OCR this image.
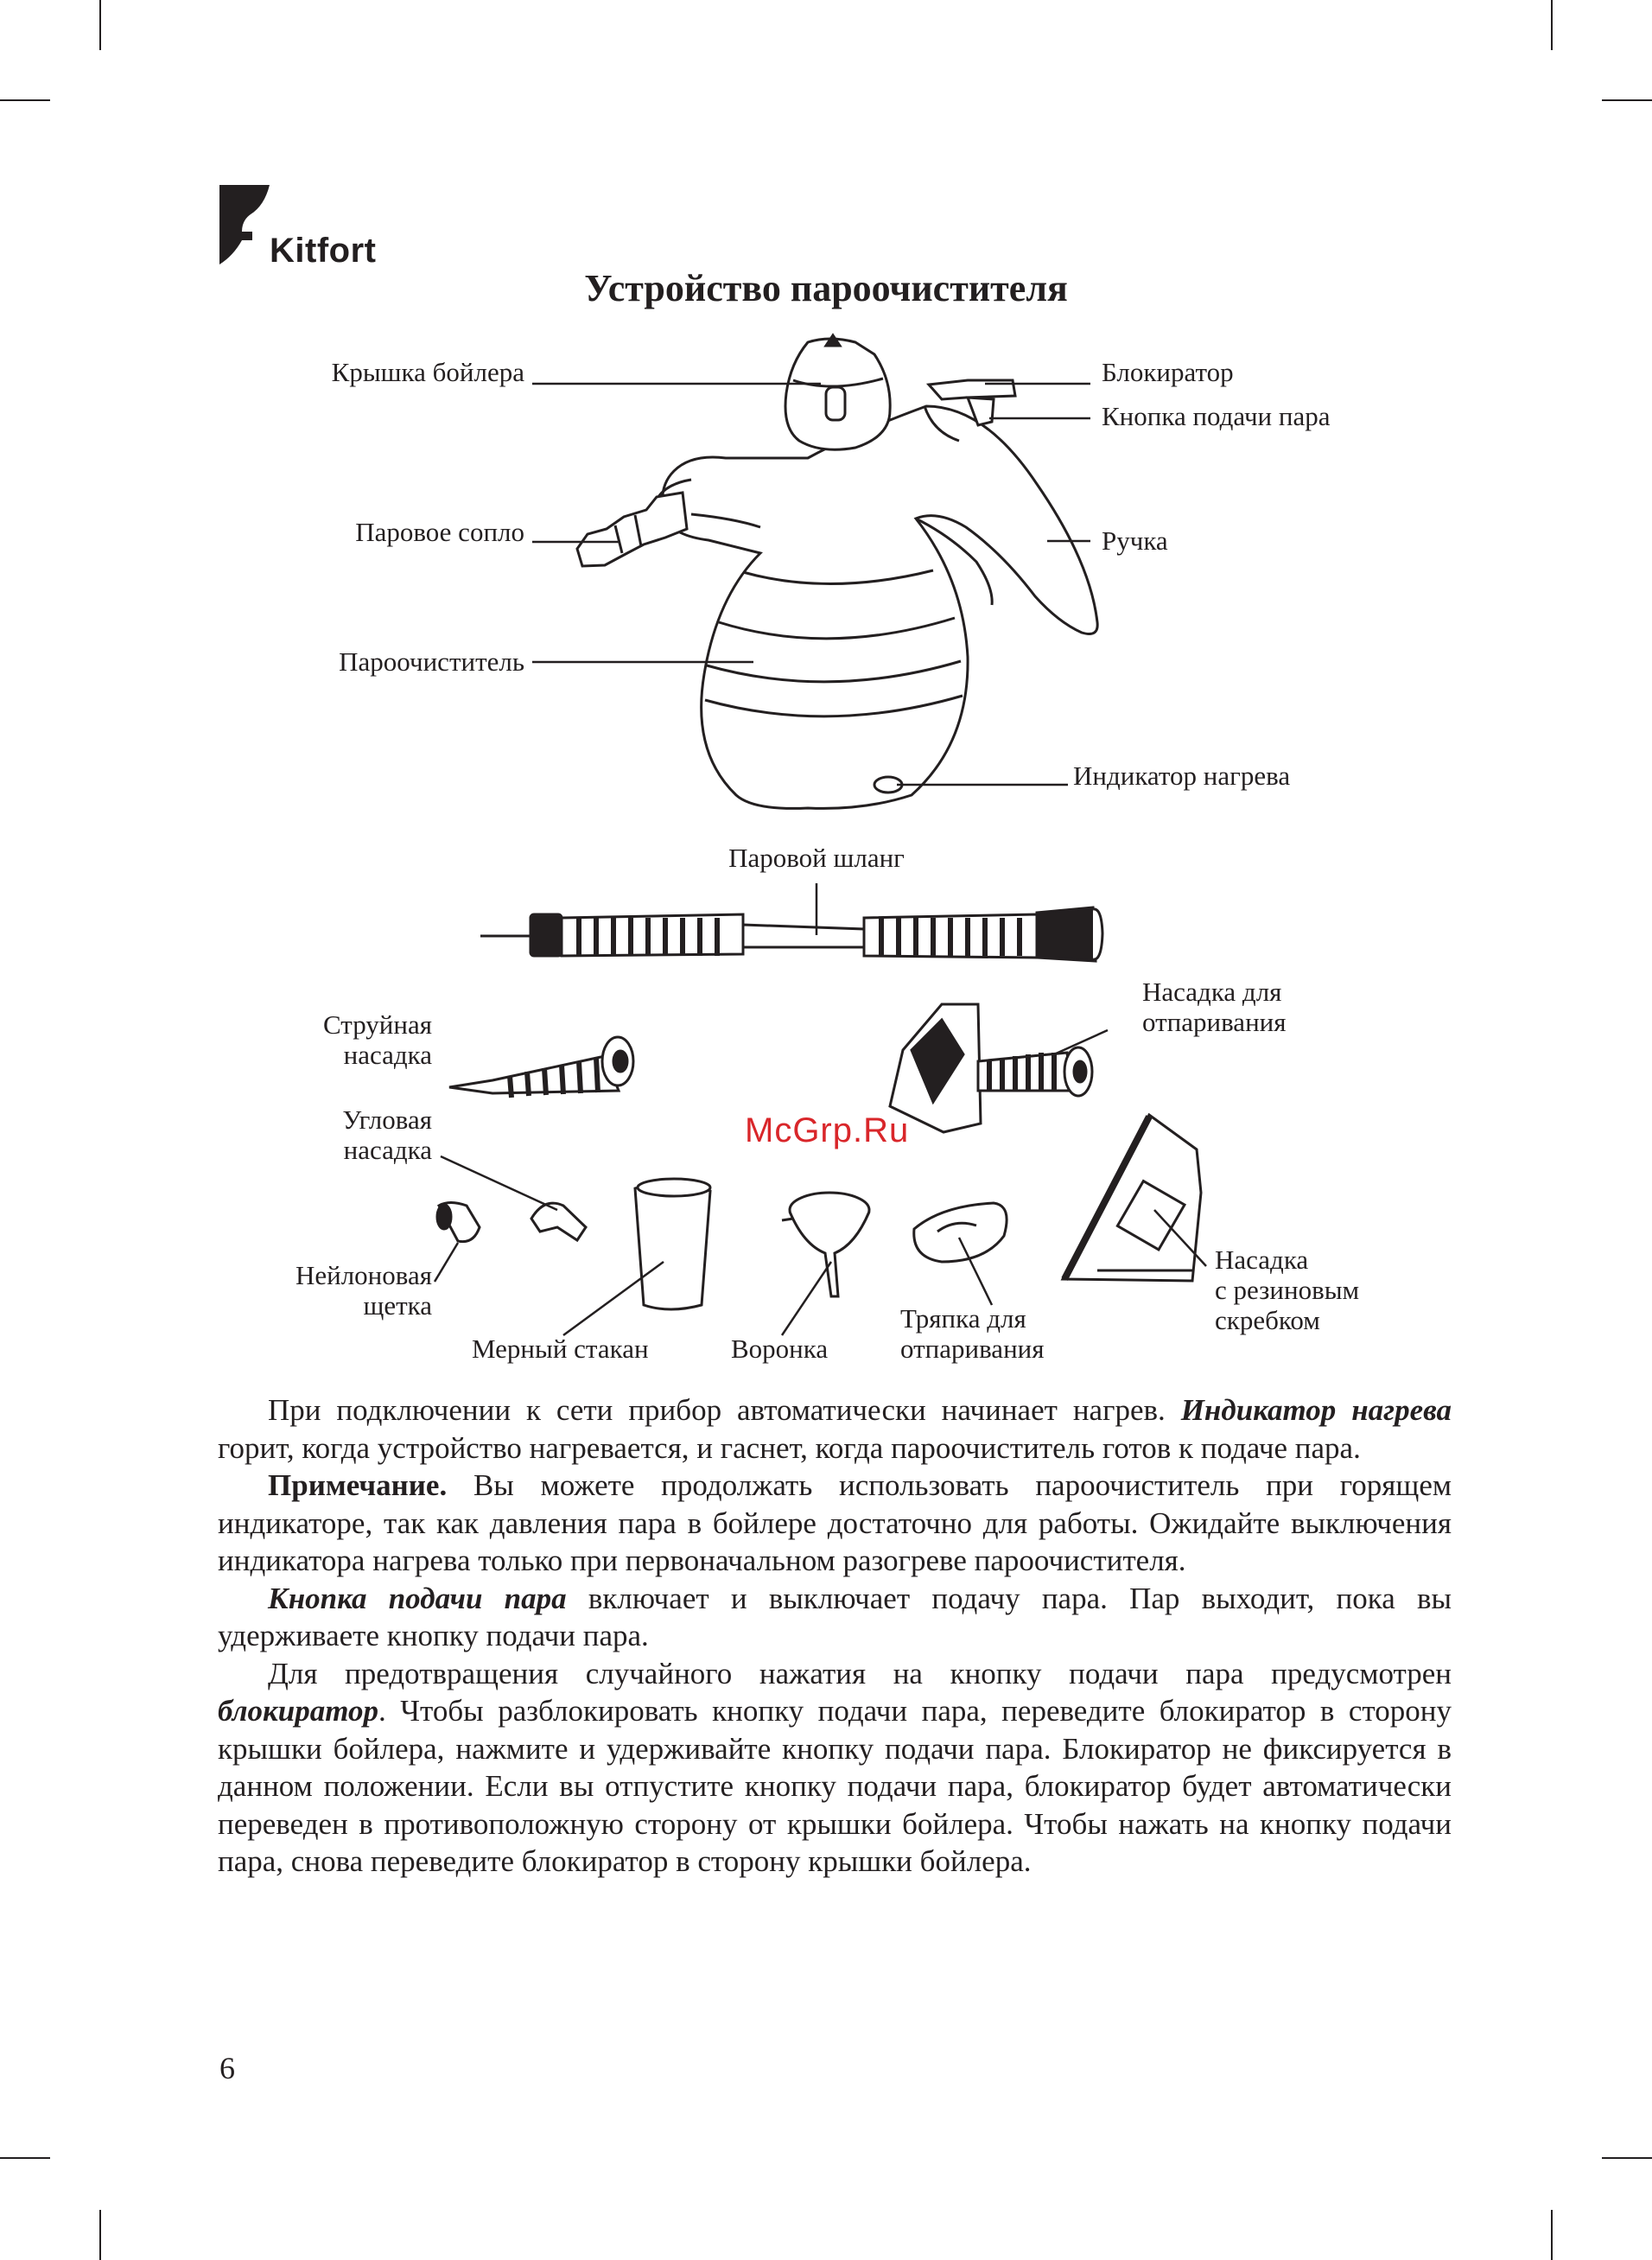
Kitfort
Устройство пароочистителя
Крышка бойлера	Блокиратор
Кнопка подачи пара
Паровое сопло	Ручка
Пароочиститель
Индикатор нагрева
Паровой шланг
Струйная
насадка
Насадка для
отпаривания
Угловая
насадка
Нейлоновая
щетка
Мерный стакан	Воронка
Тряпка для
отпаривания
Насадка
с резиновым
скребком
McGrp.Ru

При подключении к сети прибор автоматически начинает нагрев. Индикатор нагрева горит, когда устройство нагревается, и гаснет, когда пароочиститель готов к подаче пара.

Примечание. Вы можете продолжать использовать пароочиститель при горящем индикаторе, так как давления пара в бойлере достаточно для работы. Ожидайте выключения индикатора нагрева только при первоначальном разогреве пароочистителя.

Кнопка подачи пара включает и выключает подачу пара. Пар выходит, пока вы удерживаете кнопку подачи пара.

Для предотвращения случайного нажатия на кнопку подачи пара предусмотрен блокиратор. Чтобы разблокировать кнопку подачи пара, переведите блокиратор в сторону крышки бойлера, нажмите и удерживайте кнопку подачи пара. Блокиратор не фиксируется в данном положении. Если вы отпустите кнопку подачи пара, блокиратор будет автоматически переведен в противоположную сторону от крышки бойлера. Чтобы нажать на кнопку подачи пара, снова переведите блокиратор в сторону крышки бойлера.

6
